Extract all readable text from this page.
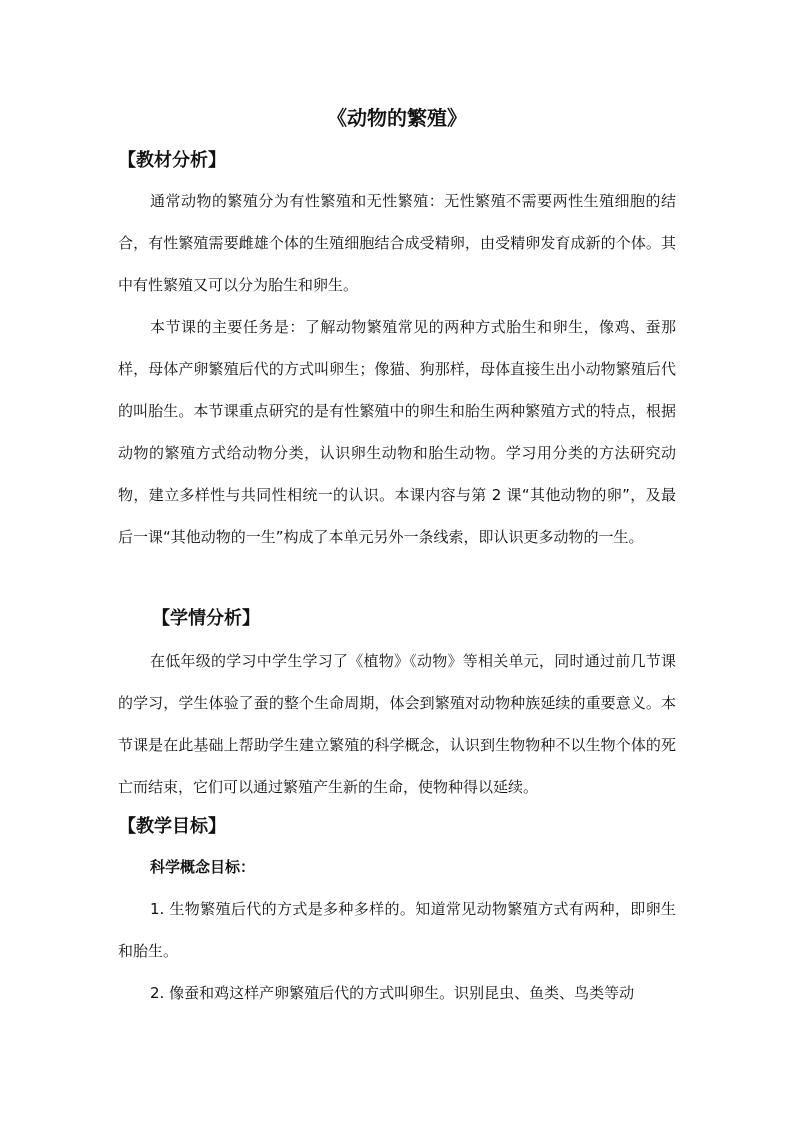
《动物的繁殖》
【教材分析】

通常动物的繁殖分为有性繁殖和无性繁殖：无性繁殖不需要两性生殖细胞的结合，有性繁殖需要雌雄个体的生殖细胞结合成受精卵，由受精卵发育成新的个体。其中有性繁殖又可以分为胎生和卵生。

本节课的主要任务是：了解动物繁殖常见的两种方式胎生和卵生，像鸡、蚕那样，母体产卵繁殖后代的方式叫卵生；像猫、狗那样，母体直接生出小动物繁殖后代的叫胎生。本节课重点研究的是有性繁殖中的卵生和胎生两种繁殖方式的特点，根据动物的繁殖方式给动物分类，认识卵生动物和胎生动物。学习用分类的方法研究动物，建立多样性与共同性相统一的认识。本课内容与第 2 课“其他动物的卵”，及最后一课“其他动物的一生”构成了本单元另外一条线索，即认识更多动物的一生。

【学情分析】

在低年级的学习中学生学习了《植物》《动物》等相关单元，同时通过前几节课的学习，学生体验了蚕的整个生命周期，体会到繁殖对动物种族延续的重要意义。本节课是在此基础上帮助学生建立繁殖的科学概念，认识到生物物种不以生物个体的死亡而结束，它们可以通过繁殖产生新的生命，使物种得以延续。

【教学目标】
科学概念目标：

1. 生物繁殖后代的方式是多种多样的。知道常见动物繁殖方式有两种，即卵生和胎生。

2. 像蚕和鸡这样产卵繁殖后代的方式叫卵生。识别昆虫、鱼类、鸟类等动
